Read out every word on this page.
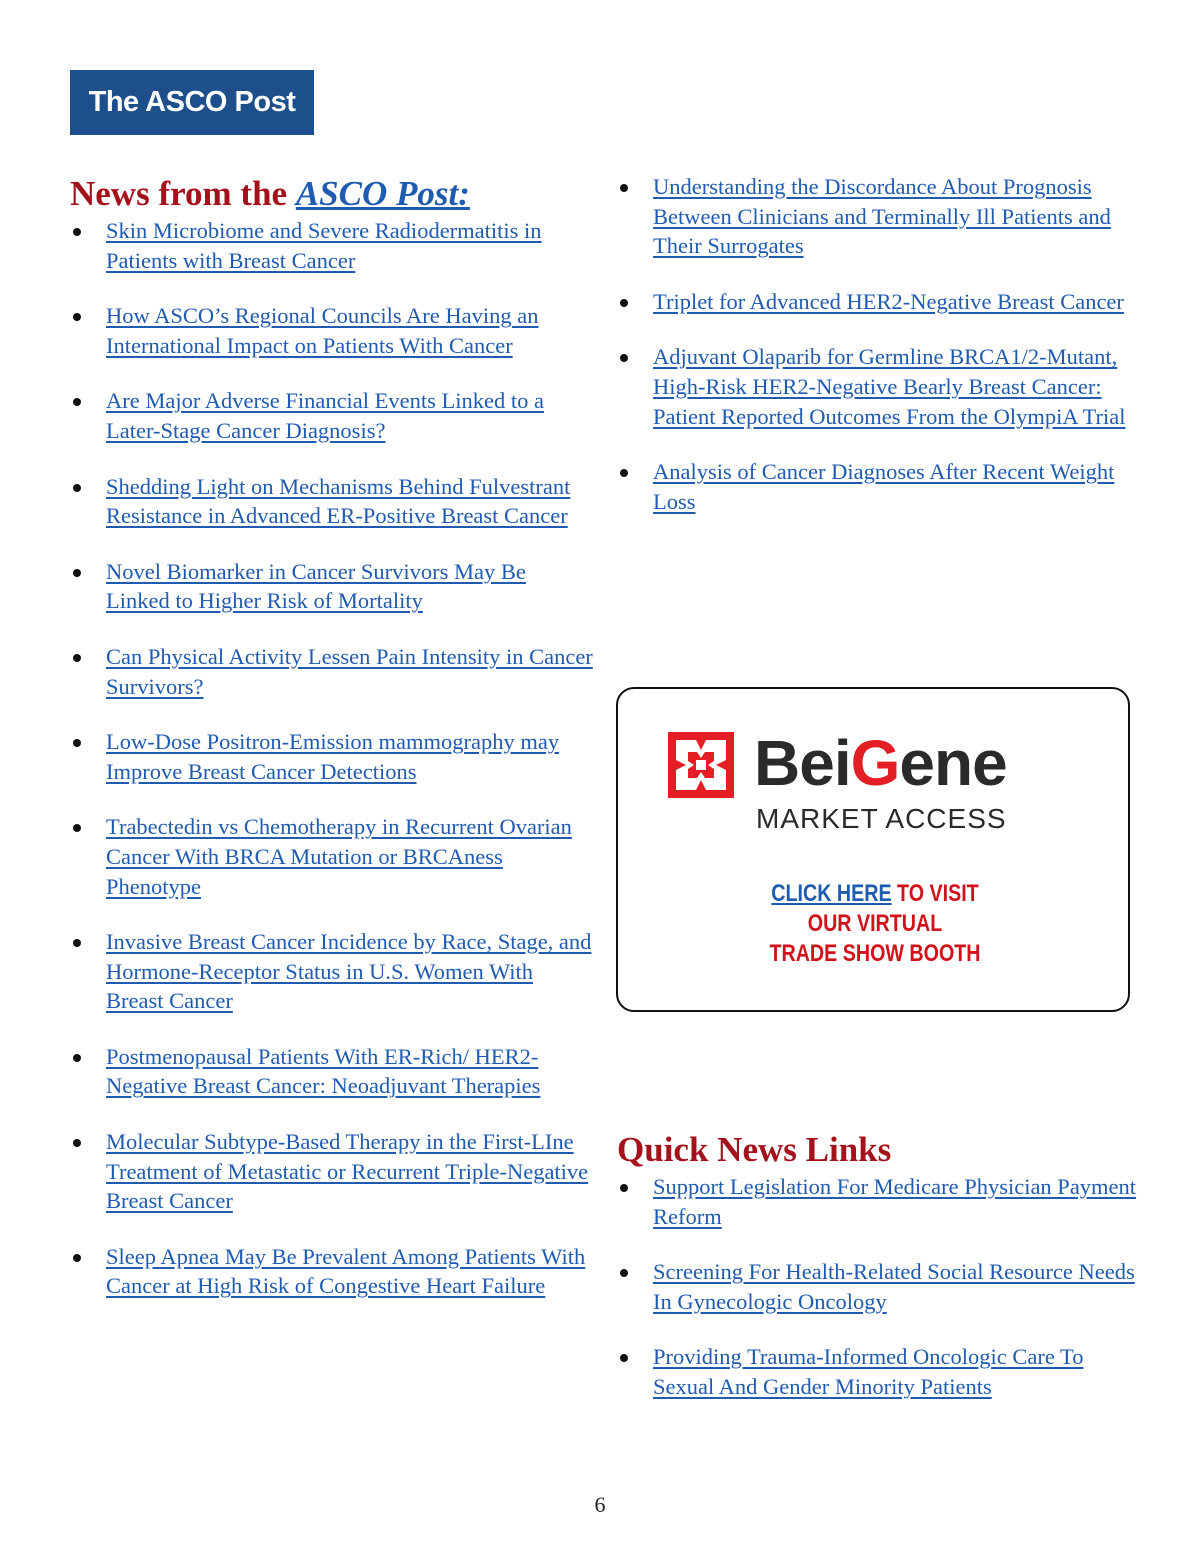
The ASCO Post
News from the ASCO Post:
Skin Microbiome and Severe Radiodermatitis in Patients with Breast Cancer
How ASCO’s Regional Councils Are Having an International Impact on Patients With Cancer
Are Major Adverse Financial Events Linked to a Later-Stage Cancer Diagnosis?
Shedding Light on Mechanisms Behind Fulvestrant Resistance in Advanced ER-Positive Breast Cancer
Novel Biomarker in Cancer Survivors May Be Linked to Higher Risk of Mortality
Can Physical Activity Lessen Pain Intensity in Cancer Survivors?
Low-Dose Positron-Emission mammography may Improve Breast Cancer Detections
Trabectedin vs Chemotherapy in Recurrent Ovarian Cancer With BRCA Mutation or BRCAness Phenotype
Invasive Breast Cancer Incidence by Race, Stage, and Hormone-Receptor Status in U.S. Women With Breast Cancer
Postmenopausal Patients With ER-Rich/ HER2-Negative Breast Cancer: Neoadjuvant Therapies
Molecular Subtype-Based Therapy in the First-LIne Treatment of Metastatic or Recurrent Triple-Negative Breast Cancer
Sleep Apnea May Be Prevalent Among Patients With Cancer at High Risk of Congestive Heart Failure
Understanding the Discordance About Prognosis Between Clinicians and Terminally Ill Patients and Their Surrogates
Triplet for Advanced HER2-Negative Breast Cancer
Adjuvant Olaparib for Germline BRCA1/2-Mutant, High-Risk HER2-Negative Bearly Breast Cancer: Patient Reported Outcomes From the OlympiA Trial
Analysis of Cancer Diagnoses After Recent Weight Loss
BeiGene
MARKET ACCESS
CLICK HERE TO VISIT
OUR VIRTUAL
TRADE SHOW BOOTH
Quick News Links
Support Legislation For Medicare Physician Payment Reform
Screening For Health-Related Social Resource Needs In Gynecologic Oncology
Providing Trauma-Informed Oncologic Care To Sexual And Gender Minority Patients
6
